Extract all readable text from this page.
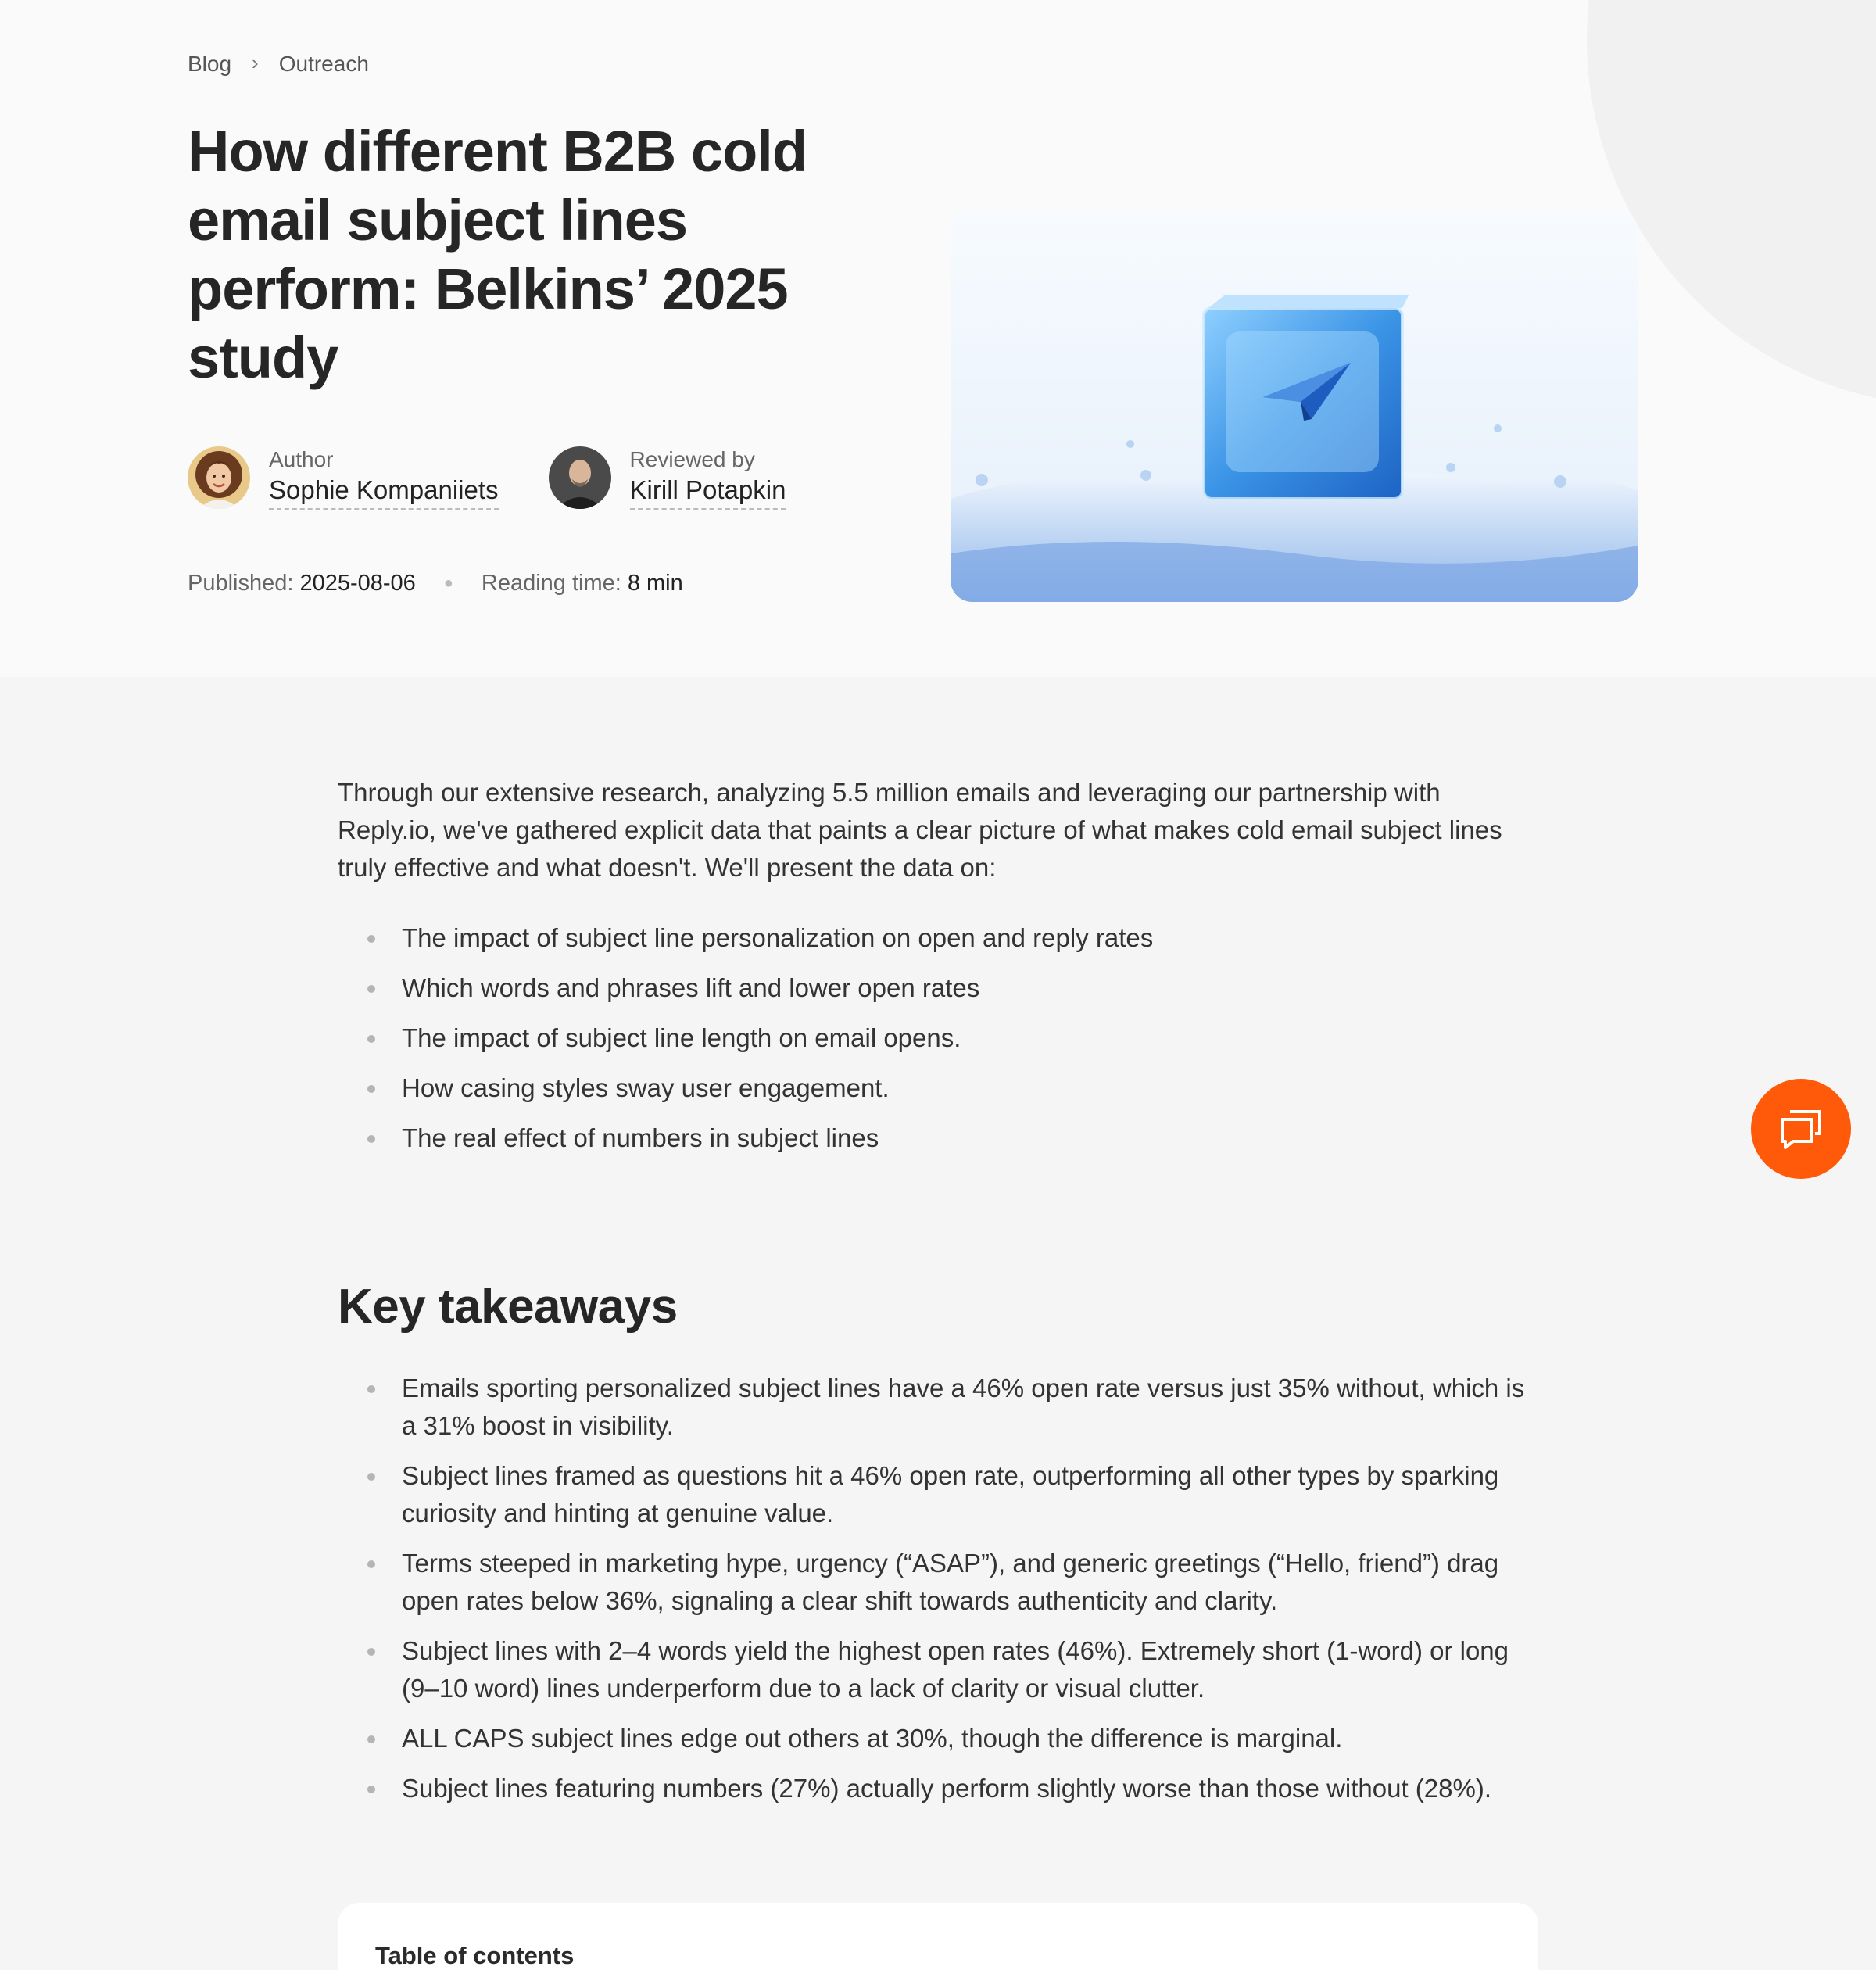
Blog › Outreach
How different B2B cold email subject lines perform: Belkins’ 2025 study
Author
Sophie Kompaniiets
Reviewed by
Kirill Potapkin
Published: 2025-08-06 ● Reading time: 8 min

Through our extensive research, analyzing 5.5 million emails and leveraging our partnership with Reply.io, we've gathered explicit data that paints a clear picture of what makes cold email subject lines truly effective and what doesn't. We'll present the data on:

The impact of subject line personalization on open and reply rates
Which words and phrases lift and lower open rates
The impact of subject line length on email opens.
How casing styles sway user engagement.
The real effect of numbers in subject lines
Key takeaways
Emails sporting personalized subject lines have a 46% open rate versus just 35% without, which is a 31% boost in visibility.
Subject lines framed as questions hit a 46% open rate, outperforming all other types by sparking curiosity and hinting at genuine value.
Terms steeped in marketing hype, urgency (“ASAP”), and generic greetings (“Hello, friend”) drag open rates below 36%, signaling a clear shift towards authenticity and clarity.
Subject lines with 2–4 words yield the highest open rates (46%). Extremely short (1-word) or long (9–10 word) lines underperform due to a lack of clarity or visual clutter.
ALL CAPS subject lines edge out others at 30%, though the difference is marginal.
Subject lines featuring numbers (27%) actually perform slightly worse than those without (28%).
Table of contents
